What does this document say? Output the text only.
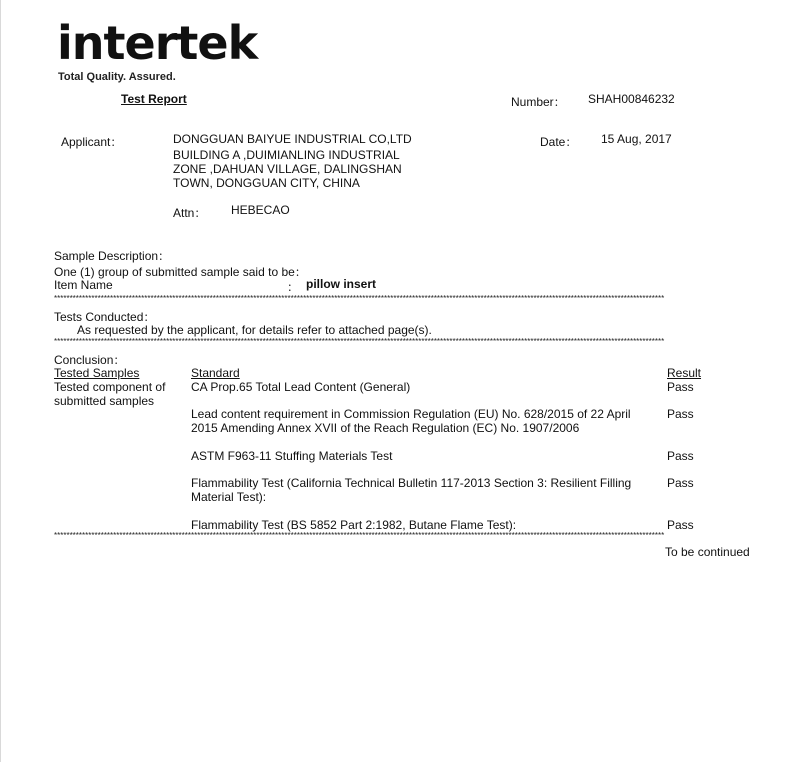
intertek
Total Quality. Assured.
Test Report	Number： SHAH00846232
Applicant：	DONGGUAN BAIYUE INDUSTRIAL CO,LTD
BUILDING A ,DUIMIANLING INDUSTRIAL
ZONE ,DAHUAN VILLAGE, DALINGSHAN
TOWN, DONGGUAN CITY, CHINA
Date： 15 Aug, 2017
Attn： HEBECAO
Sample Description：
One (1) group of submitted sample said to be：
Item Name	： pillow insert
****************************************************************************************************************************************************************************************************
Tests Conducted：
As requested by the applicant, for details refer to attached page(s).
****************************************************************************************************************************************************************************************************
Conclusion：
Tested Samples	Standard	Result
Tested component of
submitted samples
CA Prop.65 Total Lead Content (General)	Pass
Lead content requirement in Commission Regulation (EU) No. 628/2015 of 22 April
2015 Amending Annex XVII of the Reach Regulation (EC) No. 1907/2006
Pass
ASTM F963-11 Stuffing Materials Test	Pass
Flammability Test (California Technical Bulletin 117-2013 Section 3: Resilient Filling
Material Test):
Pass
Flammability Test (BS 5852 Part 2:1982, Butane Flame Test):	Pass
****************************************************************************************************************************************************************************************************
To be continued
